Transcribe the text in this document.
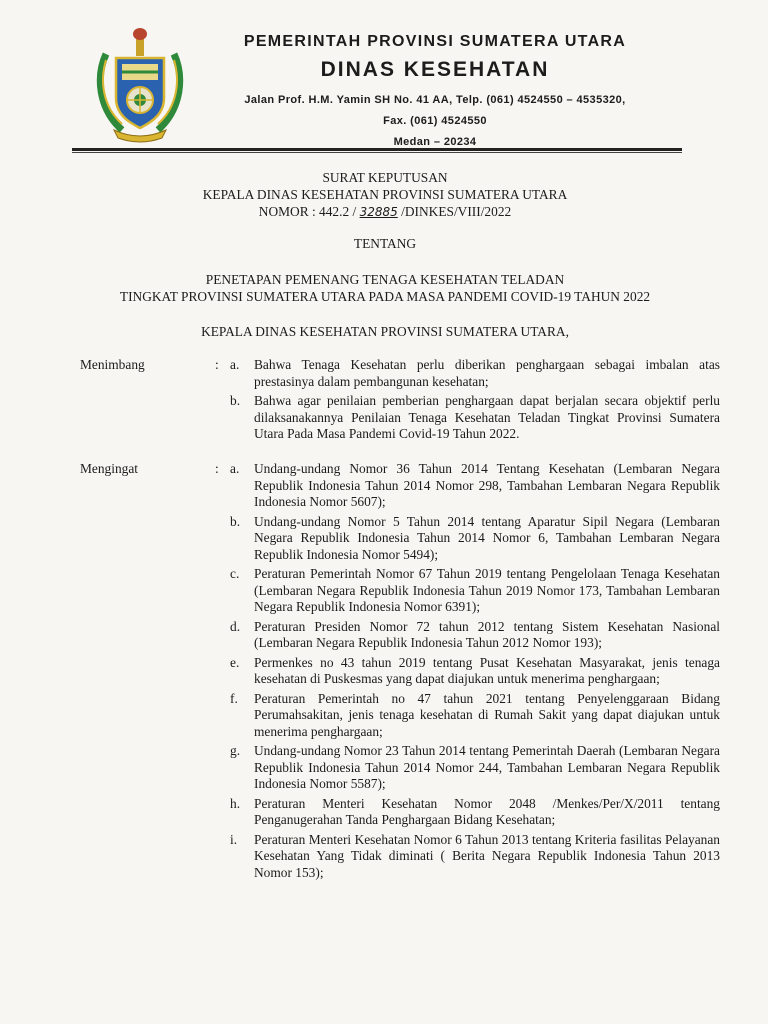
PEMERINTAH PROVINSI SUMATERA UTARA
DINAS KESEHATAN
Jalan Prof. H.M. Yamin SH No. 41 AA, Telp. (061) 4524550 – 4535320,
Fax. (061) 4524550
Medan – 20234
SURAT KEPUTUSAN
KEPALA DINAS KESEHATAN PROVINSI SUMATERA UTARA
NOMOR : 442.2 / 32885 /DINKES/VIII/2022
TENTANG
PENETAPAN PEMENANG TENAGA KESEHATAN TELADAN
TINGKAT PROVINSI SUMATERA UTARA PADA MASA PANDEMI COVID-19 TAHUN 2022
KEPALA DINAS KESEHATAN PROVINSI SUMATERA UTARA,
Menimbang	: a. Bahwa Tenaga Kesehatan perlu diberikan penghargaan sebagai imbalan atas prestasinya dalam pembangunan kesehatan;
b. Bahwa agar penilaian pemberian penghargaan dapat berjalan secara objektif perlu dilaksanakannya Penilaian Tenaga Kesehatan Teladan Tingkat Provinsi Sumatera Utara Pada Masa Pandemi Covid-19 Tahun 2022.
Mengingat	: a. Undang-undang Nomor 36 Tahun 2014 Tentang Kesehatan (Lembaran Negara Republik Indonesia Tahun 2014 Nomor 298, Tambahan Lembaran Negara Republik Indonesia Nomor 5607);
b. Undang-undang Nomor 5 Tahun 2014 tentang Aparatur Sipil Negara (Lembaran Negara Republik Indonesia Tahun 2014 Nomor 6, Tambahan Lembaran Negara Republik Indonesia Nomor 5494);
c. Peraturan Pemerintah Nomor 67 Tahun 2019 tentang Pengelolaan Tenaga Kesehatan (Lembaran Negara Republik Indonesia Tahun 2019 Nomor 173, Tambahan Lembaran Negara Republik Indonesia Nomor 6391);
d. Peraturan Presiden Nomor 72 tahun 2012 tentang Sistem Kesehatan Nasional (Lembaran Negara Republik Indonesia Tahun 2012 Nomor 193);
e. Permenkes no 43 tahun 2019 tentang Pusat Kesehatan Masyarakat, jenis tenaga kesehatan di Puskesmas yang dapat diajukan untuk menerima penghargaan;
f. Peraturan Pemerintah no 47 tahun 2021 tentang Penyelenggaraan Bidang Perumahsakitan, jenis tenaga kesehatan di Rumah Sakit yang dapat diajukan untuk menerima penghargaan;
g. Undang-undang Nomor 23 Tahun 2014 tentang Pemerintah Daerah (Lembaran Negara Republik Indonesia Tahun 2014 Nomor 244, Tambahan Lembaran Negara Republik Indonesia Nomor 5587);
h. Peraturan Menteri Kesehatan Nomor 2048 /Menkes/Per/X/2011 tentang Penganugerahan Tanda Penghargaan Bidang Kesehatan;
i. Peraturan Menteri Kesehatan Nomor 6 Tahun 2013 tentang Kriteria fasilitas Pelayanan Kesehatan Yang Tidak diminati ( Berita Negara Republik Indonesia Tahun 2013 Nomor 153);
